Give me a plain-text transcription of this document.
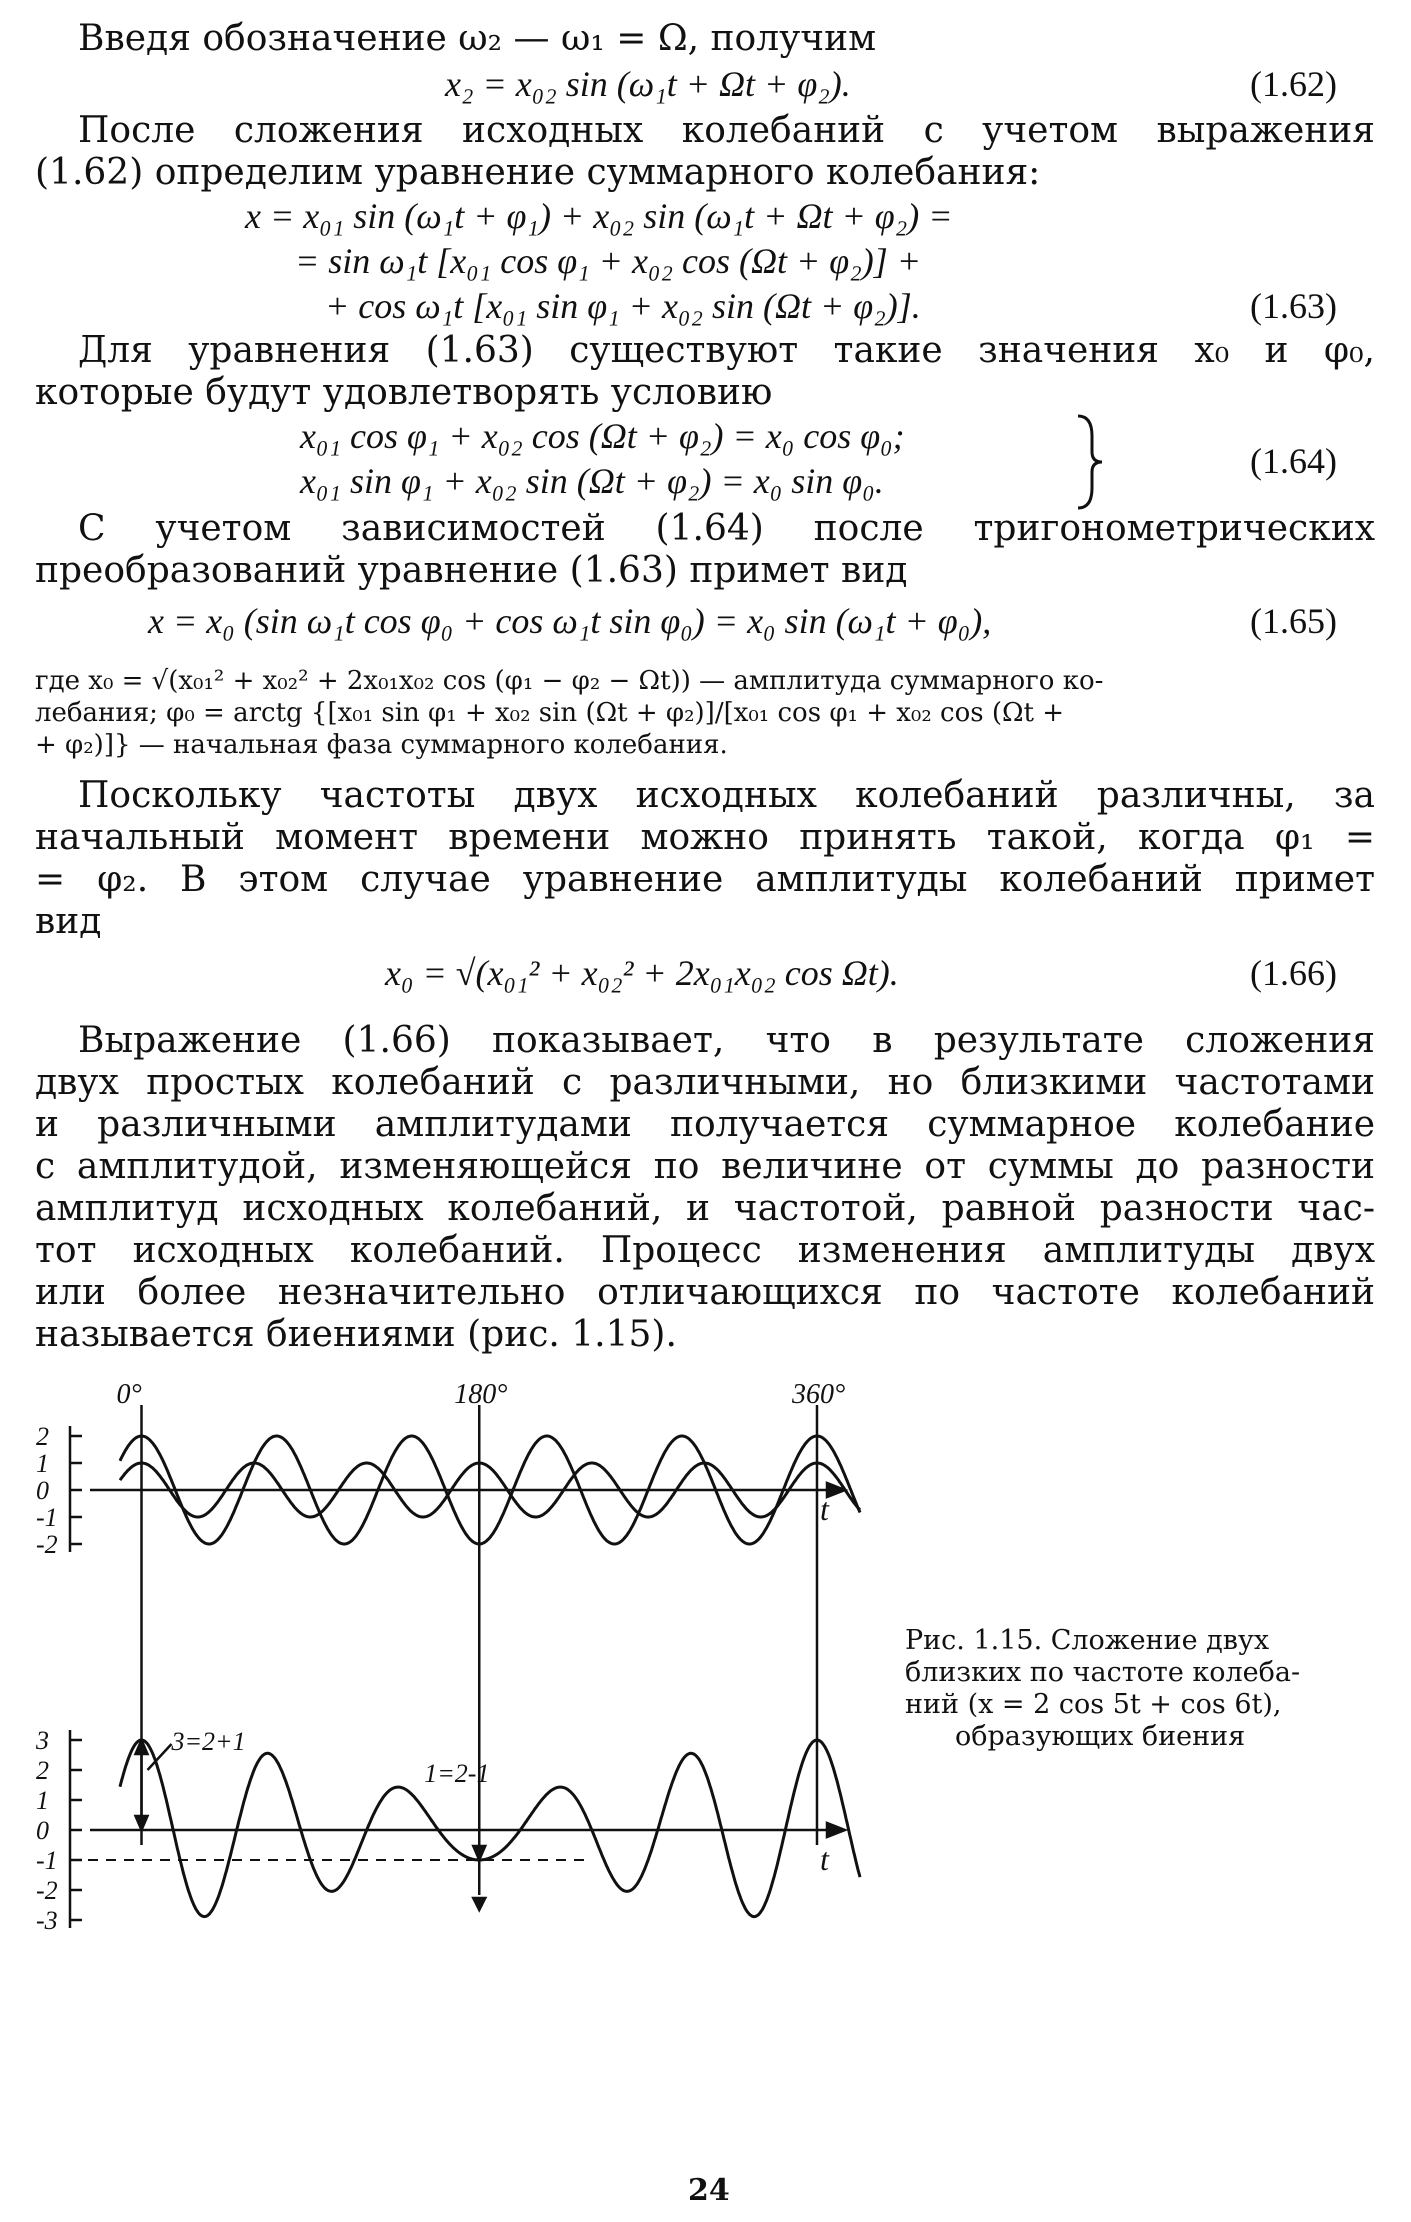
Введя обозначение ω₂ — ω₁ = Ω, получим
x₂ = x₀₂ sin (ω₁t + Ωt + φ₂).	(1.62)
После сложения исходных колебаний с учетом выражения
(1.62) определим уравнение суммарного колебания:
x = x₀₁ sin (ω₁t + φ₁) + x₀₂ sin (ω₁t + Ωt + φ₂) =
= sin ω₁t [x₀₁ cos φ₁ + x₀₂ cos (Ωt + φ₂)] +
+ cos ω₁t [x₀₁ sin φ₁ + x₀₂ sin (Ωt + φ₂)].	(1.63)
Для уравнения (1.63) существуют такие значения x₀ и φ₀,
которые будут удовлетворять условию
x₀₁ cos φ₁ + x₀₂ cos (Ωt + φ₂) = x₀ cos φ₀;
x₀₁ sin φ₁ + x₀₂ sin (Ωt + φ₂) = x₀ sin φ₀.	(1.64)
С учетом зависимостей (1.64) после тригонометрических
преобразований уравнение (1.63) примет вид
x = x₀ (sin ω₁t cos φ₀ + cos ω₁t sin φ₀) = x₀ sin (ω₁t + φ₀),	(1.65)
где x₀ = √(x₀₁² + x₀₂² + 2x₀₁x₀₂ cos (φ₁ − φ₂ − Ωt)) — амплитуда суммарного ко-
лебания; φ₀ = arctg {[x₀₁ sin φ₁ + x₀₂ sin (Ωt + φ₂)]/[x₀₁ cos φ₁ + x₀₂ cos (Ωt +
+ φ₂)]} — начальная фаза суммарного колебания.
Поскольку частоты двух исходных колебаний различны, за
начальный момент времени можно принять такой, когда φ₁ =
= φ₂. В этом случае уравнение амплитуды колебаний примет
вид
x₀ = √(x₀₁² + x₀₂² + 2x₀₁x₀₂ cos Ωt).	(1.66)
Выражение (1.66) показывает, что в результате сложения
двух простых колебаний с различными, но близкими частотами
и различными амплитудами получается суммарное колебание
с амплитудой, изменяющейся по величине от суммы до разности
амплитуд исходных колебаний, и частотой, равной разности час-
тот исходных колебаний. Процесс изменения амплитуды двух
или более незначительно отличающихся по частоте колебаний
называется биениями (рис. 1.15).
2
1
0
-1
-2
t
3
2
1
0
-1
-2
-3
t
0°	180°	360°
3=2+1
1=2-1
Рис. 1.15. Сложение двух
близких по частоте колеба-
ний (x = 2 cos 5t + cos 6t),
образующих биения
24
